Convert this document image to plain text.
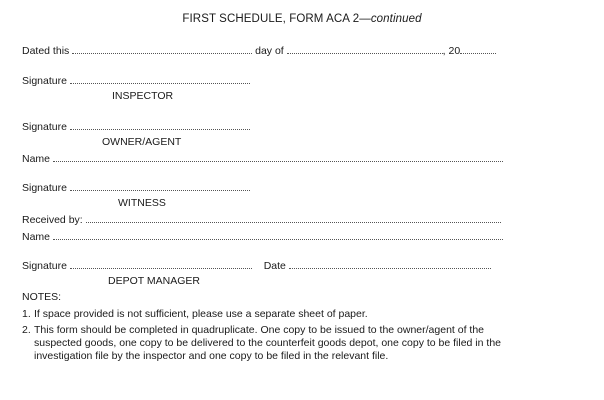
FIRST SCHEDULE, FORM ACA 2—continued
Dated this	day of	, 20
Signature
INSPECTOR
Signature
OWNER/AGENT
Name
Signature
WITNESS
Received by:
Name
Signature	Date
DEPOT MANAGER
NOTES:
1. If space provided is not sufficient, please use a separate sheet of paper.
2. This form should be completed in quadruplicate. One copy to be issued to the owner/agent of the suspected goods, one copy to be delivered to the counterfeit goods depot, one copy to be filed in the investigation file by the inspector and one copy to be filed in the relevant file.
